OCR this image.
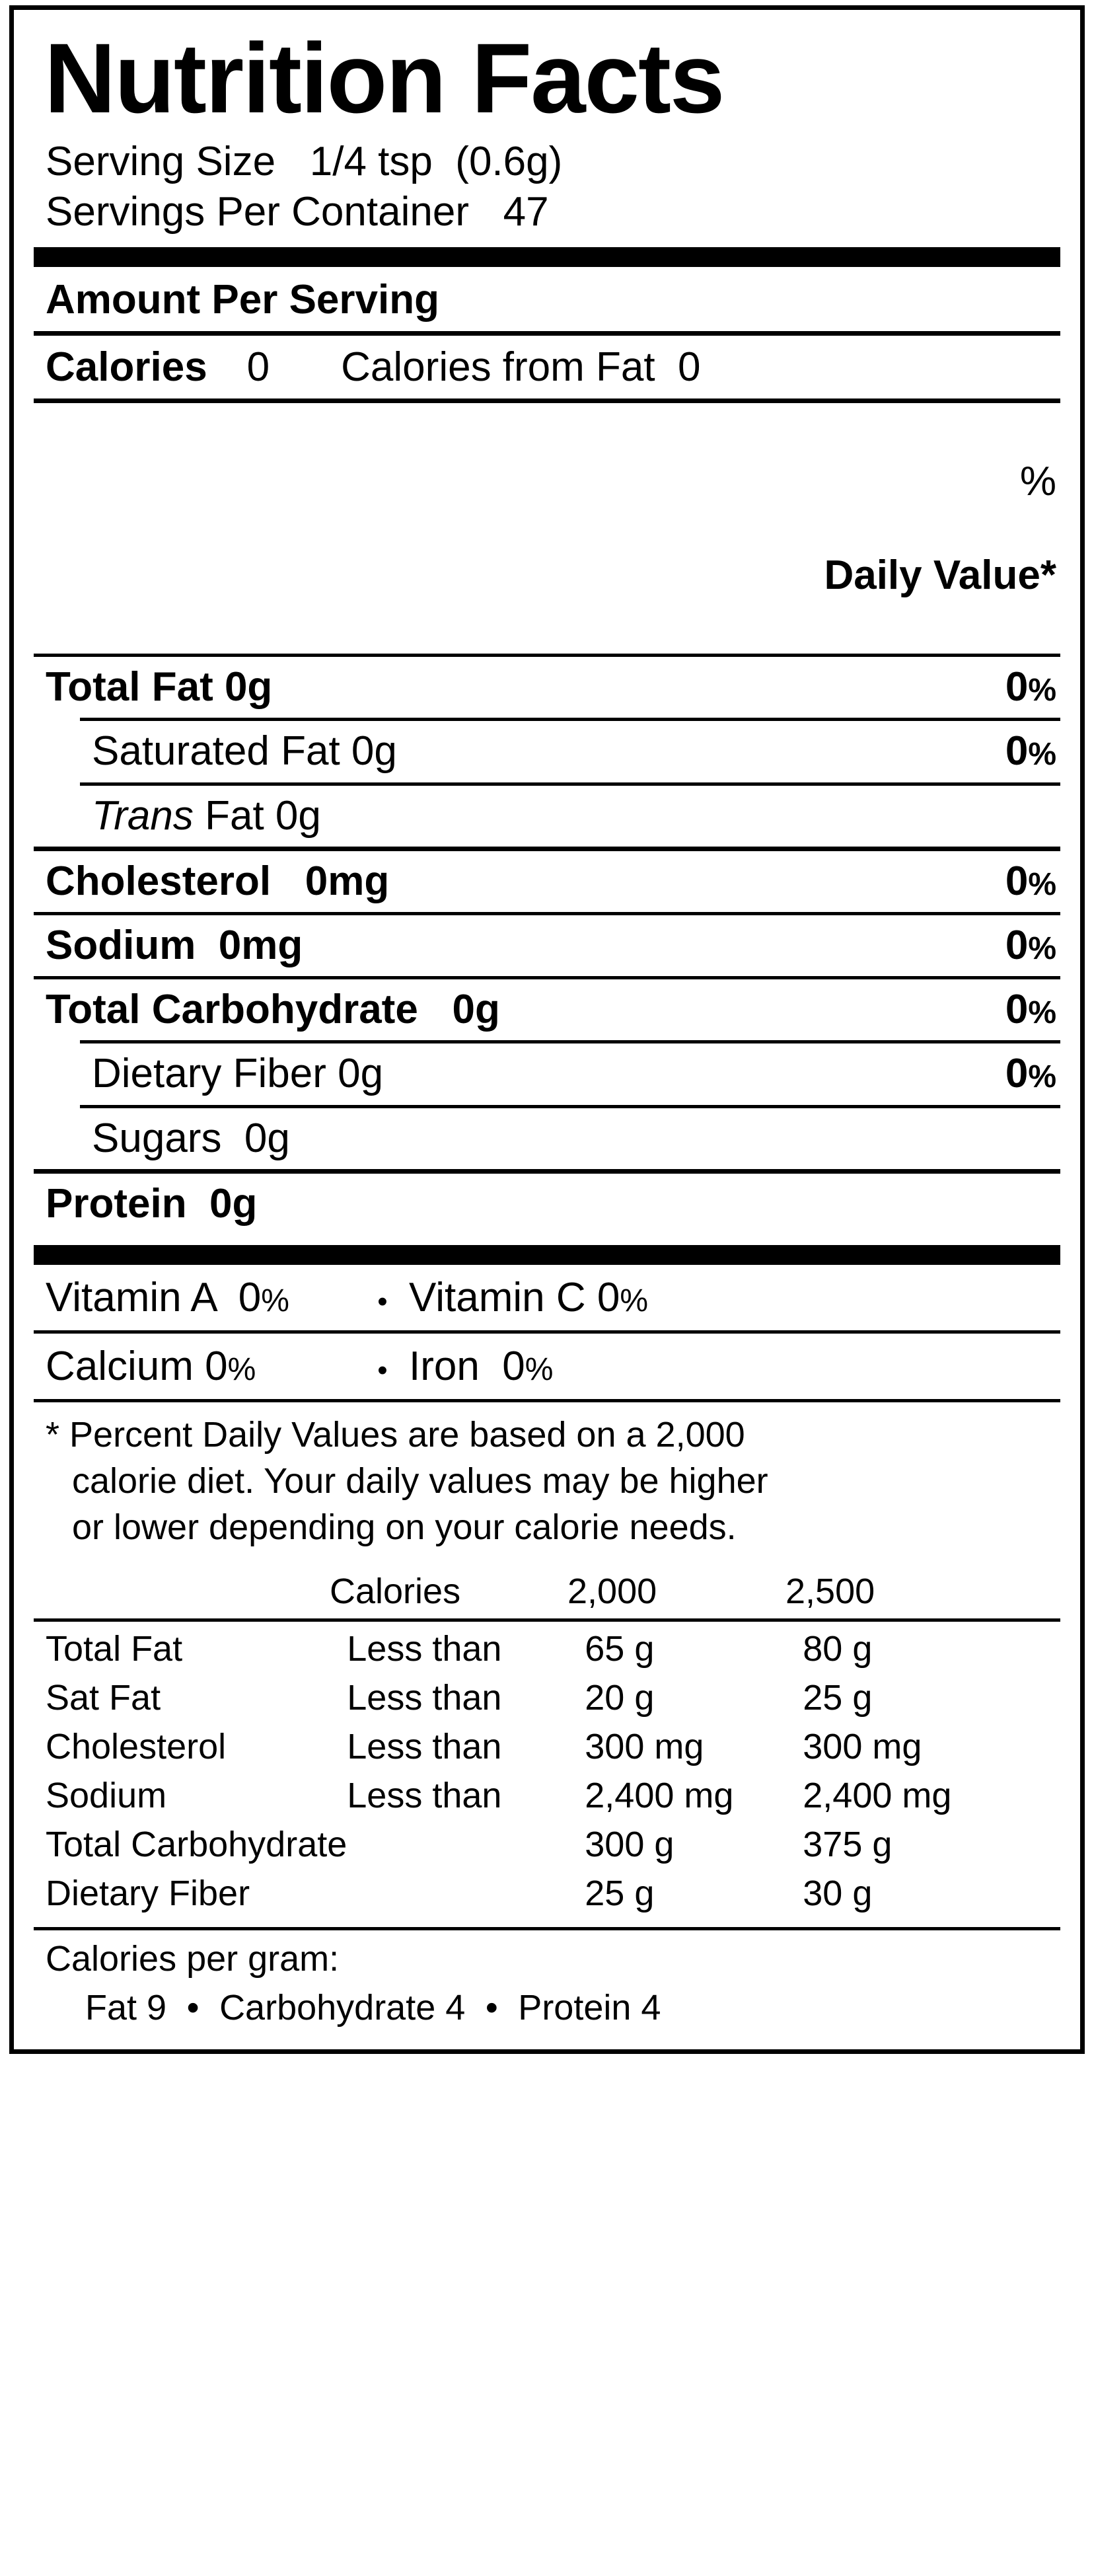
Nutrition Facts
Serving Size   1/4 tsp  (0.6g)
Servings Per Container   47
Amount Per Serving
Calories 0 Calories from Fat  0

%

Daily Value*

Total Fat 0g	0%
Saturated Fat 0g	0%
Trans Fat 0g
Cholesterol   0mg	0%
Sodium  0mg	0%
Total Carbohydrate   0g	0%
Dietary Fiber 0g	0%
Sugars  0g
Protein  0g
Vitamin A  0%	• Vitamin C 0%
Calcium 0%	• Iron  0%

* Percent Daily Values are based on a 2,000

calorie diet. Your daily values may be higher

or lower depending on your calorie needs.

	Calories	2,000	2,500
Total Fat	Less than	65 g	80 g
Sat Fat	Less than	20 g	25 g
Cholesterol	Less than	300 mg	300 mg
Sodium	Less than	2,400 mg	2,400 mg
Total Carbohydrate		300 g	375 g
Dietary Fiber		25 g	30 g
Calories per gram:
Fat 9 • Carbohydrate 4 • Protein 4
